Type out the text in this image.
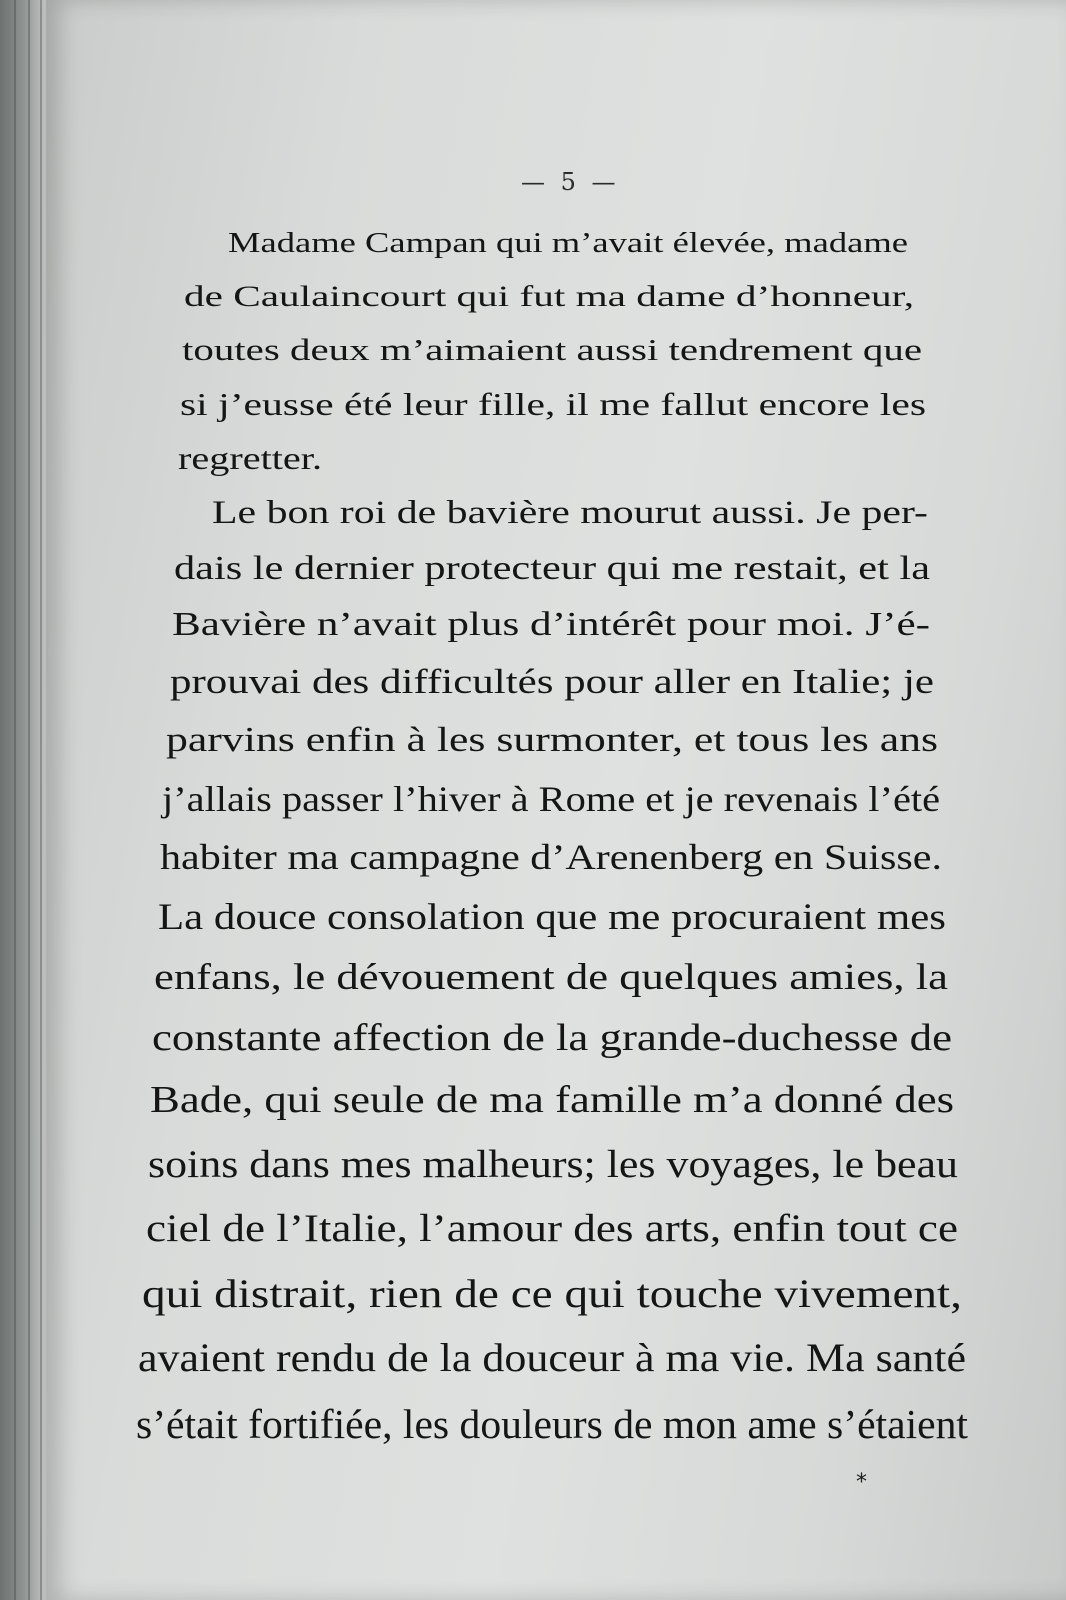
— 5 —
Madame Campan qui m’avait élevée, madame
de Caulaincourt qui fut ma dame d’honneur,
toutes deux m’aimaient aussi tendrement que
si j’eusse été leur fille, il me fallut encore les
regretter.
Le bon roi de bavière mourut aussi. Je per-
dais le dernier protecteur qui me restait, et la
Bavière n’avait plus d’intérêt pour moi. J’é-
prouvai des difficultés pour aller en Italie; je
parvins enfin à les surmonter, et tous les ans
j’allais passer l’hiver à Rome et je revenais l’été
habiter ma campagne d’Arenenberg en Suisse.
La douce consolation que me procuraient mes
enfans, le dévouement de quelques amies, la
constante affection de la grande-duchesse de
Bade, qui seule de ma famille m’a donné des
soins dans mes malheurs; les voyages, le beau
ciel de l’Italie, l’amour des arts, enfin tout ce
qui distrait, rien de ce qui touche vivement,
avaient rendu de la douceur à ma vie. Ma santé
s’était fortifiée, les douleurs de mon ame s’étaient
*
